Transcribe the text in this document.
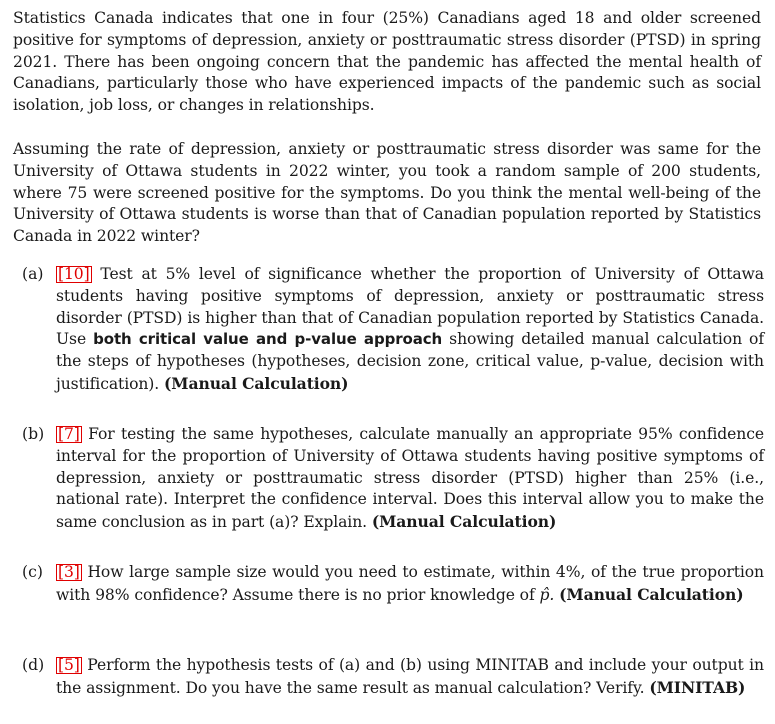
Statistics Canada indicates that one in four (25%) Canadians aged 18 and older screened positive for symptoms of depression, anxiety or posttraumatic stress disorder (PTSD) in spring 2021. There has been ongoing concern that the pandemic has affected the mental health of Canadians, particularly those who have experienced impacts of the pandemic such as social isolation, job loss, or changes in relationships.
Assuming the rate of depression, anxiety or posttraumatic stress disorder was same for the University of Ottawa students in 2022 winter, you took a random sample of 200 students, where 75 were screened positive for the symptoms. Do you think the mental well-being of the University of Ottawa students is worse than that of Canadian population reported by Statistics Canada in 2022 winter?
(a) [10] Test at 5% level of significance whether the proportion of University of Ottawa students having positive symptoms of depression, anxiety or posttraumatic stress disorder (PTSD) is higher than that of Canadian population reported by Statistics Canada. Use both critical value and p-value approach showing detailed manual calculation of the steps of hypotheses (hypotheses, decision zone, critical value, p-value, decision with justification). (Manual Calculation)
(b) [7] For testing the same hypotheses, calculate manually an appropriate 95% confidence interval for the proportion of University of Ottawa students having positive symptoms of depression, anxiety or posttraumatic stress disorder (PTSD) higher than 25% (i.e., national rate). Interpret the confidence interval. Does this interval allow you to make the same conclusion as in part (a)? Explain. (Manual Calculation)
(c) [3] How large sample size would you need to estimate, within 4%, of the true proportion with 98% confidence? Assume there is no prior knowledge of p̂. (Manual Calculation)
(d) [5] Perform the hypothesis tests of (a) and (b) using MINITAB and include your output in the assignment. Do you have the same result as manual calculation? Verify. (MINITAB)
